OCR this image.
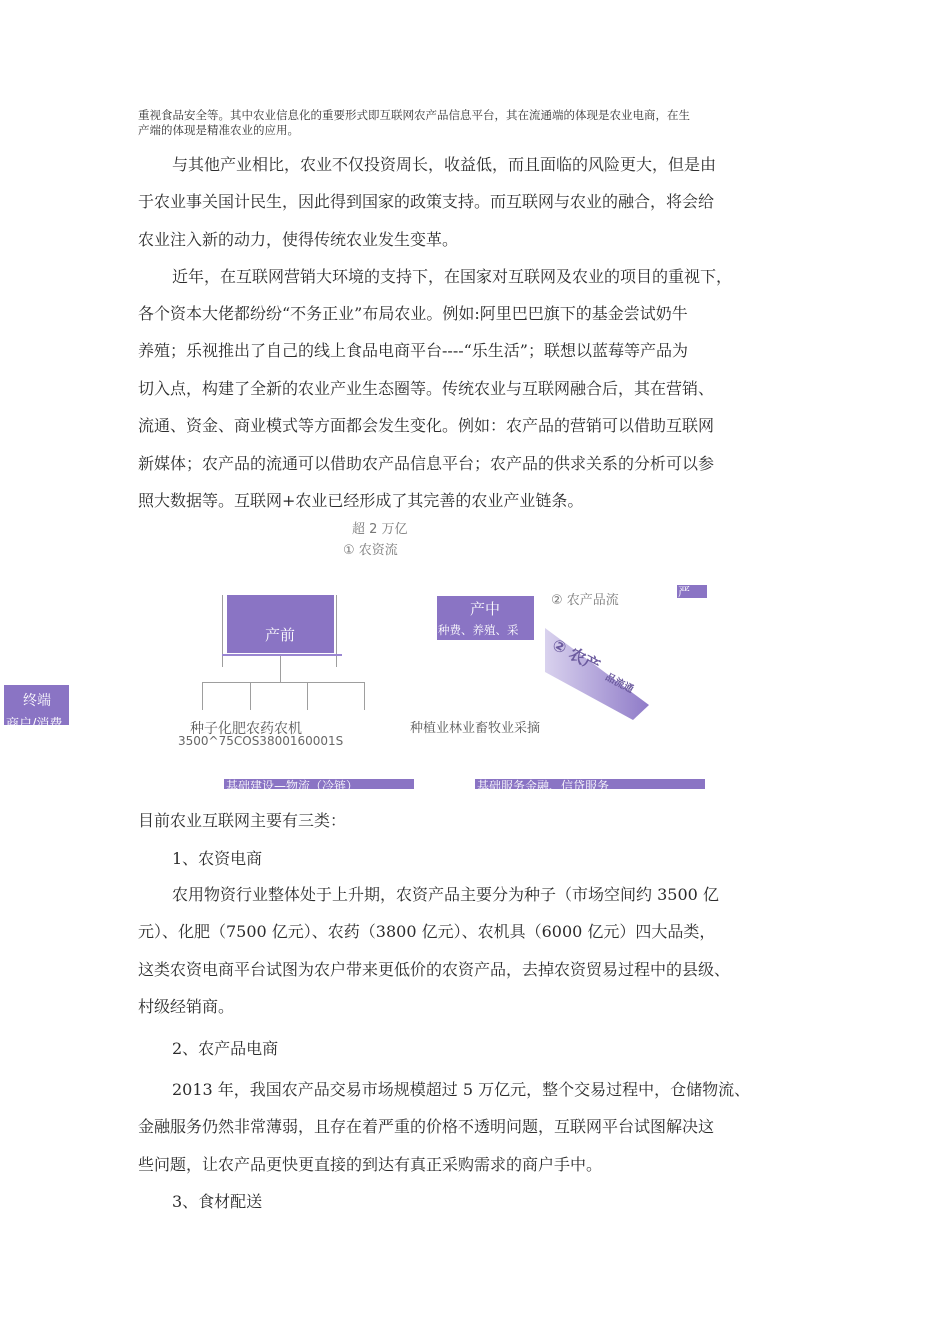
重视食品安全等。其中农业信息化的重要形式即互联网农产品信息平台，其在流通端的体现是农业电商，在生
产端的体现是精准农业的应用。
与其他产业相比，农业不仅投资周长，收益低，而且面临的风险更大，但是由
于农业事关国计民生，因此得到国家的政策支持。而互联网与农业的融合，将会给
农业注入新的动力，使得传统农业发生变革。
近年，在互联网营销大环境的支持下，在国家对互联网及农业的项目的重视下，
各个资本大佬都纷纷“不务正业”布局农业。例如:阿里巴巴旗下的基金尝试奶牛
养殖；乐视推出了自己的线上食品电商平台----“乐生活”；联想以蓝莓等产品为
切入点，构建了全新的农业产业生态圈等。传统农业与互联网融合后，其在营销、
流通、资金、商业模式等方面都会发生变化。例如：农产品的营销可以借助互联网
新媒体；农产品的流通可以借助农产品信息平台；农产品的供求关系的分析可以参
照大数据等。互联网+农业已经形成了其完善的农业产业链条。
超 2 万亿
① 农资流
产前
产中
种费、养殖、采
② 农产品流
严
② 农产
品流通
终端
商户/消费	种子化肥农药农机
3500^75COS3800160001S
种植业林业畜牧业采摘
基础建设—物流（冷链）	基础服务金融、信贷服务
目前农业互联网主要有三类：
1、农资电商
农用物资行业整体处于上升期，农资产品主要分为种子（市场空间约 3500 亿
元）、化肥（7500 亿元）、农药（3800 亿元）、农机具（6000 亿元）四大品类，
这类农资电商平台试图为农户带来更低价的农资产品，去掉农资贸易过程中的县级、
村级经销商。
2、农产品电商
2013 年，我国农产品交易市场规模超过 5 万亿元，整个交易过程中，仓储物流、
金融服务仍然非常薄弱，且存在着严重的价格不透明问题，互联网平台试图解决这
些问题，让农产品更快更直接的到达有真正采购需求的商户手中。
3、食材配送
